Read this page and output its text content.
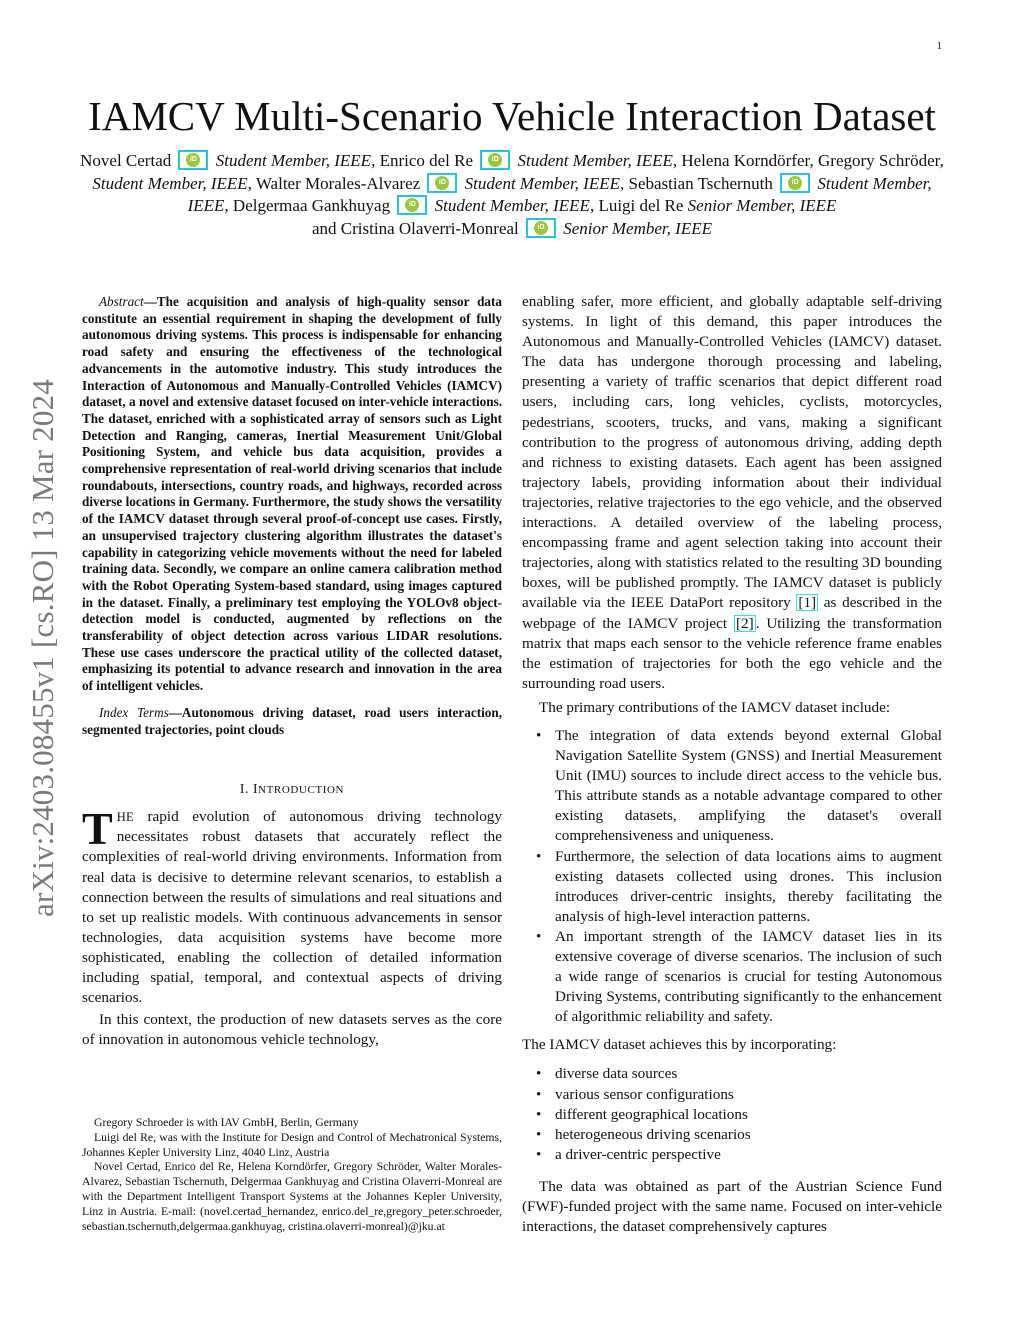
1
arXiv:2403.08455v1 [cs.RO] 13 Mar 2024
IAMCV Multi-Scenario Vehicle Interaction Dataset
Novel Certad	iD Student Member, IEEE, Enrico del Re	iD Student Member, IEEE, Helena Korndörfer, Gregory Schröder, Student Member, IEEE, Walter Morales-Alvarez	iD Student Member, IEEE, Sebastian Tschernuth	iD Student Member, IEEE, Delgermaa Gankhuyag	iD Student Member, IEEE, Luigi del Re Senior Member, IEEE
and Cristina Olaverri-Monreal	iD Senior Member, IEEE

Abstract—The acquisition and analysis of high-quality sensor data constitute an essential requirement in shaping the development of fully autonomous driving systems. This process is indispensable for enhancing road safety and ensuring the effectiveness of the technological advancements in the automotive industry. This study introduces the Interaction of Autonomous and Manually-Controlled Vehicles (IAMCV) dataset, a novel and extensive dataset focused on inter-vehicle interactions. The dataset, enriched with a sophisticated array of sensors such as Light Detection and Ranging, cameras, Inertial Measurement Unit/Global Positioning System, and vehicle bus data acquisition, provides a comprehensive representation of real-world driving scenarios that include roundabouts, intersections, country roads, and highways, recorded across diverse locations in Germany. Furthermore, the study shows the versatility of the IAMCV dataset through several proof-of-concept use cases. Firstly, an unsupervised trajectory clustering algorithm illustrates the dataset's capability in categorizing vehicle movements without the need for labeled training data. Secondly, we compare an online camera calibration method with the Robot Operating System-based standard, using images captured in the dataset. Finally, a preliminary test employing the YOLOv8 object-detection model is conducted, augmented by reflections on the transferability of object detection across various LIDAR resolutions. These use cases underscore the practical utility of the collected dataset, emphasizing its potential to advance research and innovation in the area of intelligent vehicles.

Index Terms—Autonomous driving dataset, road users interaction, segmented trajectories, point clouds

I. INTRODUCTION

THE rapid evolution of autonomous driving technology necessitates robust datasets that accurately reflect the complexities of real-world driving environments. Information from real data is decisive to determine relevant scenarios, to establish a connection between the results of simulations and real situations and to set up realistic models. With continuous advancements in sensor technologies, data acquisition systems have become more sophisticated, enabling the collection of detailed information including spatial, temporal, and contextual aspects of driving scenarios.

In this context, the production of new datasets serves as the core of innovation in autonomous vehicle technology,

Gregory Schroeder is with IAV GmbH, Berlin, Germany

Luigi del Re, was with the Institute for Design and Control of Mechatronical Systems, Johannes Kepler University Linz, 4040 Linz, Austria

Novel Certad, Enrico del Re, Helena Korndörfer, Gregory Schröder, Walter Morales-Alvarez, Sebastian Tschernuth, Delgermaa Gankhuyag and Cristina Olaverri-Monreal are with the Department Intelligent Transport Systems at the Johannes Kepler University, Linz in Austria. E-mail: (novel.certad_hernandez, enrico.del_re,gregory_peter.schroeder, sebastian.tschernuth,delgermaa.gankhuyag, cristina.olaverri-monreal)@jku.at

enabling safer, more efficient, and globally adaptable self-driving systems. In light of this demand, this paper introduces the Autonomous and Manually-Controlled Vehicles (IAMCV) dataset. The data has undergone thorough processing and labeling, presenting a variety of traffic scenarios that depict different road users, including cars, long vehicles, cyclists, motorcycles, pedestrians, scooters, trucks, and vans, making a significant contribution to the progress of autonomous driving, adding depth and richness to existing datasets. Each agent has been assigned trajectory labels, providing information about their individual trajectories, relative trajectories to the ego vehicle, and the observed interactions. A detailed overview of the labeling process, encompassing frame and agent selection taking into account their trajectories, along with statistics related to the resulting 3D bounding boxes, will be published promptly. The IAMCV dataset is publicly available via the IEEE DataPort repository [1] as described in the webpage of the IAMCV project [2] . Utilizing the transformation matrix that maps each sensor to the vehicle reference frame enables the estimation of trajectories for both the ego vehicle and the surrounding road users.

The primary contributions of the IAMCV dataset include:

• The integration of data extends beyond external Global Navigation Satellite System (GNSS) and Inertial Measurement Unit (IMU) sources to include direct access to the vehicle bus. This attribute stands as a notable advantage compared to other existing datasets, amplifying the dataset's overall comprehensiveness and uniqueness.
• Furthermore, the selection of data locations aims to augment existing datasets collected using drones. This inclusion introduces driver-centric insights, thereby facilitating the analysis of high-level interaction patterns.
• An important strength of the IAMCV dataset lies in its extensive coverage of diverse scenarios. The inclusion of such a wide range of scenarios is crucial for testing Autonomous Driving Systems, contributing significantly to the enhancement of algorithmic reliability and safety.

The IAMCV dataset achieves this by incorporating:

• diverse data sources
• various sensor configurations
• different geographical locations
• heterogeneous driving scenarios
• a driver-centric perspective

The data was obtained as part of the Austrian Science Fund (FWF)-funded project with the same name. Focused on inter-vehicle interactions, the dataset comprehensively captures
